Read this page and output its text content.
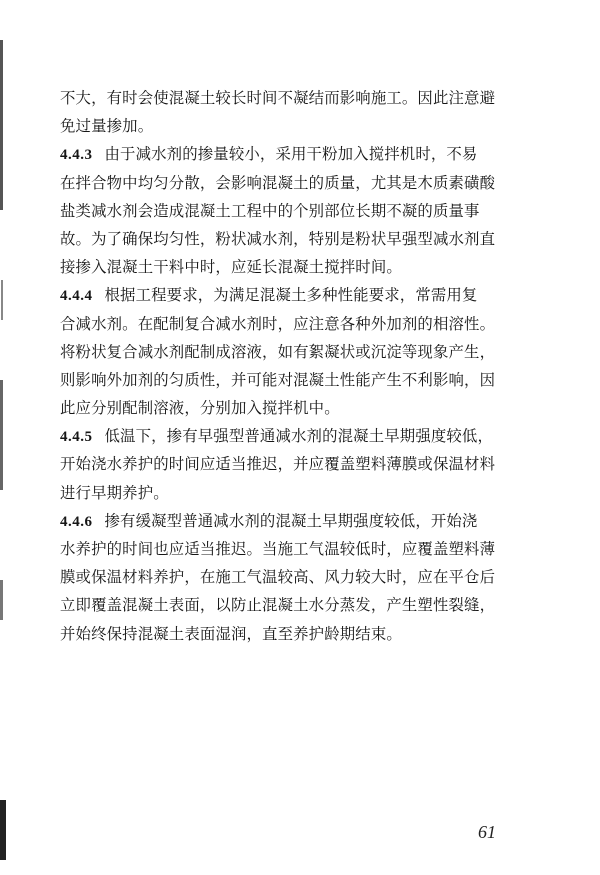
不大，有时会使混凝土较长时间不凝结而影响施工。因此注意避
免过量掺加。
4.4.3 由于减水剂的掺量较小，采用干粉加入搅拌机时，不易
在拌合物中均匀分散，会影响混凝土的质量，尤其是木质素磺酸
盐类减水剂会造成混凝土工程中的个别部位长期不凝的质量事
故。为了确保均匀性，粉状减水剂，特别是粉状早强型减水剂直
接掺入混凝土干料中时，应延长混凝土搅拌时间。
4.4.4 根据工程要求，为满足混凝土多种性能要求，常需用复
合减水剂。在配制复合减水剂时，应注意各种外加剂的相溶性。
将粉状复合减水剂配制成溶液，如有絮凝状或沉淀等现象产生，
则影响外加剂的匀质性，并可能对混凝土性能产生不利影响，因
此应分别配制溶液，分别加入搅拌机中。
4.4.5 低温下，掺有早强型普通减水剂的混凝土早期强度较低，
开始浇水养护的时间应适当推迟，并应覆盖塑料薄膜或保温材料
进行早期养护。
4.4.6 掺有缓凝型普通减水剂的混凝土早期强度较低，开始浇
水养护的时间也应适当推迟。当施工气温较低时，应覆盖塑料薄
膜或保温材料养护，在施工气温较高、风力较大时，应在平仓后
立即覆盖混凝土表面，以防止混凝土水分蒸发，产生塑性裂缝，
并始终保持混凝土表面湿润，直至养护龄期结束。
61
